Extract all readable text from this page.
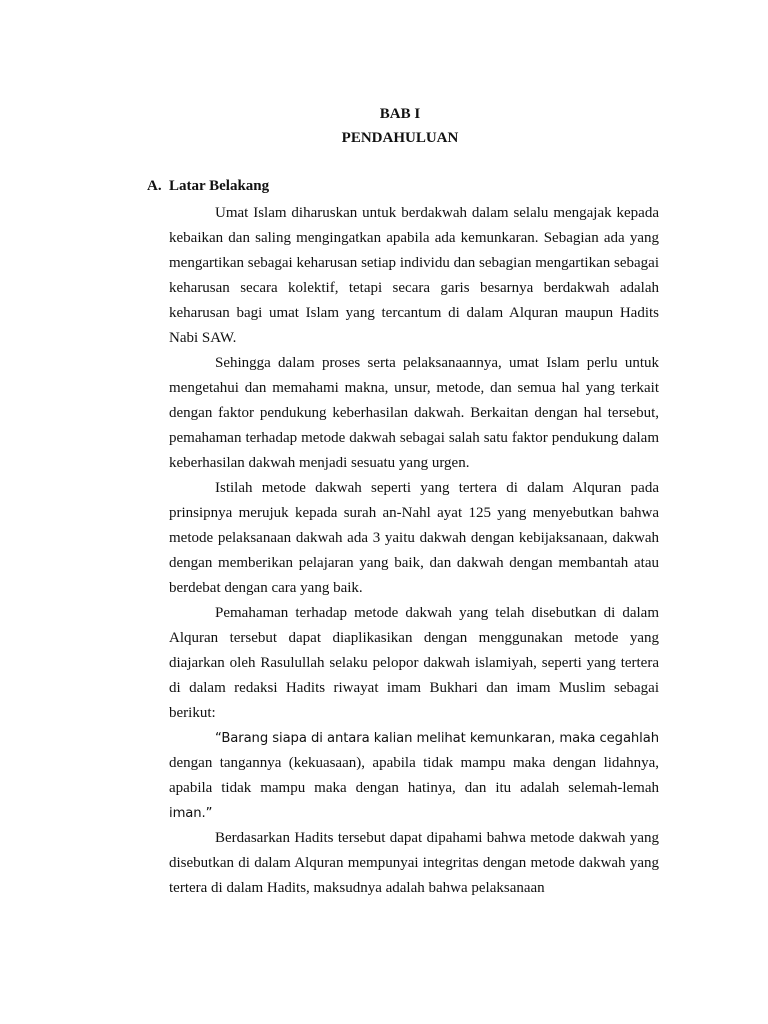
BAB I
PENDAHULUAN
A. Latar Belakang

Umat Islam diharuskan untuk berdakwah dalam selalu mengajak kepada kebaikan dan saling mengingatkan apabila ada kemunkaran. Sebagian ada yang mengartikan sebagai keharusan setiap individu dan sebagian mengartikan sebagai keharusan secara kolektif, tetapi secara garis besarnya berdakwah adalah keharusan bagi umat Islam yang tercantum di dalam Alquran maupun Hadits Nabi SAW.

Sehingga dalam proses serta pelaksanaannya, umat Islam perlu untuk mengetahui dan memahami makna, unsur, metode, dan semua hal yang terkait dengan faktor pendukung keberhasilan dakwah. Berkaitan dengan hal tersebut, pemahaman terhadap metode dakwah sebagai salah satu faktor pendukung dalam keberhasilan dakwah menjadi sesuatu yang urgen.

Istilah metode dakwah seperti yang tertera di dalam Alquran pada prinsipnya merujuk kepada surah an-Nahl ayat 125 yang menyebutkan bahwa metode pelaksanaan dakwah ada 3 yaitu dakwah dengan kebijaksanaan, dakwah dengan memberikan pelajaran yang baik, dan dakwah dengan membantah atau berdebat dengan cara yang baik.

Pemahaman terhadap metode dakwah yang telah disebutkan di dalam Alquran tersebut dapat diaplikasikan dengan menggunakan metode yang diajarkan oleh Rasulullah selaku pelopor dakwah islamiyah, seperti yang tertera di dalam redaksi Hadits riwayat imam Bukhari dan imam Muslim sebagai berikut:

“Barang siapa di antara kalian melihat kemunkaran, maka cegahlah dengan tangannya (kekuasaan), apabila tidak mampu maka dengan lidahnya, apabila tidak mampu maka dengan hatinya, dan itu adalah selemah-lemah iman.”

Berdasarkan Hadits tersebut dapat dipahami bahwa metode dakwah yang disebutkan di dalam Alquran mempunyai integritas dengan metode dakwah yang tertera di dalam Hadits, maksudnya adalah bahwa pelaksanaan
